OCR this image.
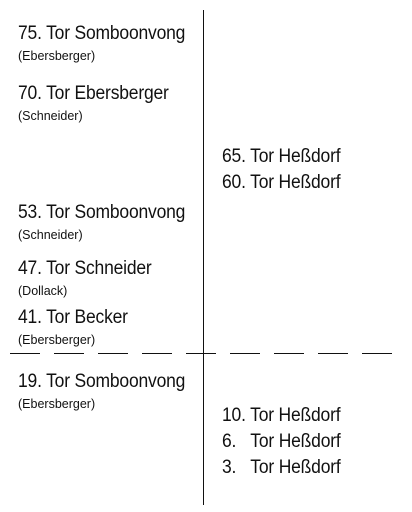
75. Tor Somboonvong
(Ebersberger)
70. Tor Ebersberger
(Schneider)
53. Tor Somboonvong
(Schneider)
47. Tor Schneider
(Dollack)
41. Tor Becker
(Ebersberger)
19. Tor Somboonvong
(Ebersberger)
65. Tor Heßdorf
60. Tor Heßdorf
10. Tor Heßdorf
6. Tor Heßdorf
3. Tor Heßdorf
